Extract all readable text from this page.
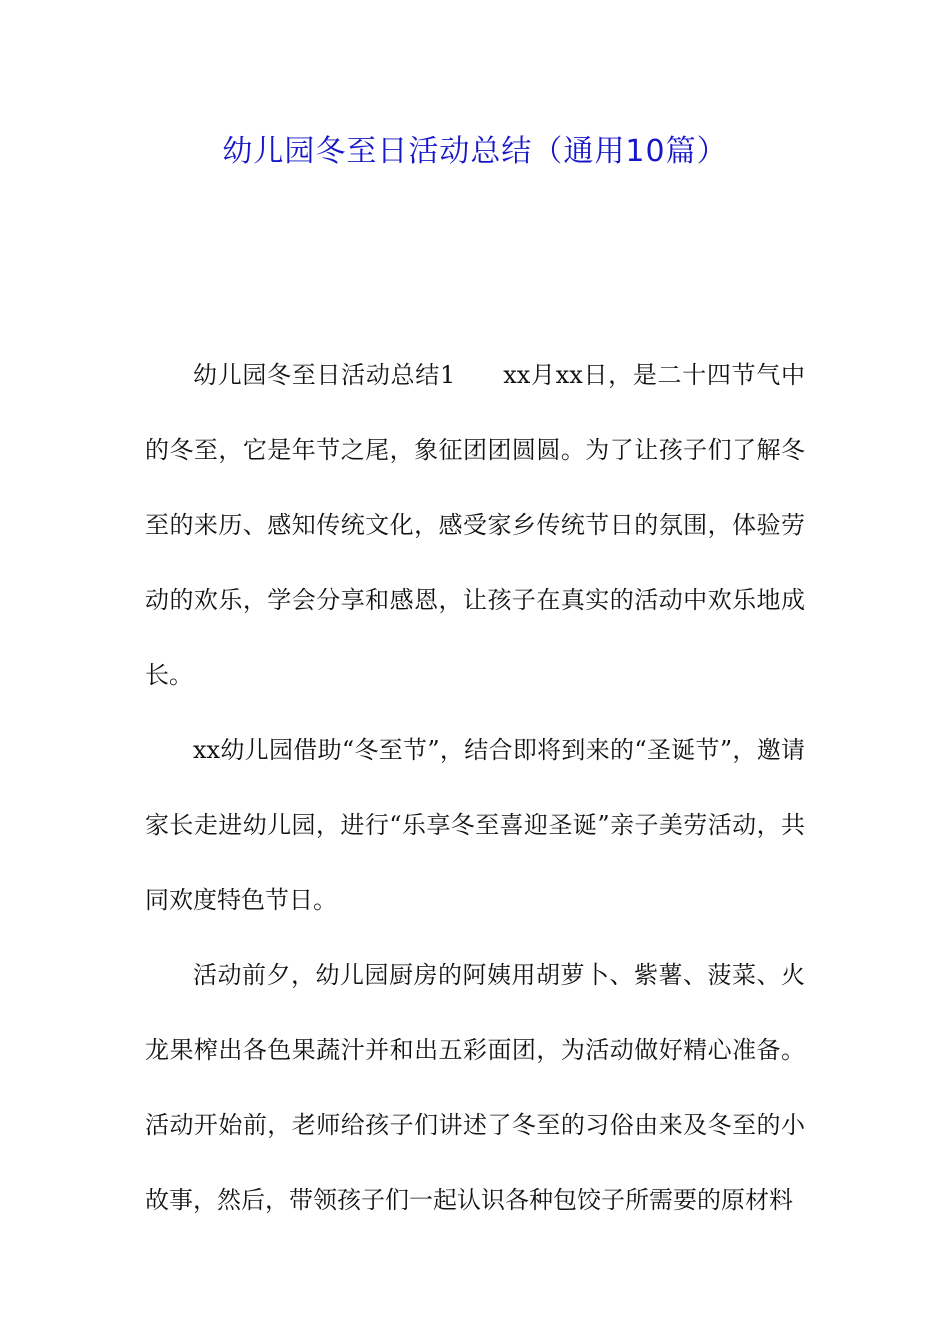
幼儿园冬至日活动总结（通用10篇）

幼儿园冬至日活动总结1 xx月xx日，是二十四节气中的冬至，它是年节之尾，象征团团圆圆。为了让孩子们了解冬至的来历、感知传统文化，感受家乡传统节日的氛围，体验劳动的欢乐，学会分享和感恩，让孩子在真实的活动中欢乐地成长。

xx幼儿园借助“冬至节”，结合即将到来的“圣诞节”，邀请家长走进幼儿园，进行“乐享冬至喜迎圣诞”亲子美劳活动，共同欢度特色节日。

活动前夕，幼儿园厨房的阿姨用胡萝卜、紫薯、菠菜、火龙果榨出各色果蔬汁并和出五彩面团，为活动做好精心准备。活动开始前，老师给孩子们讲述了冬至的习俗由来及冬至的小故事，然后，带领孩子们一起认识各种包饺子所需要的原材料
